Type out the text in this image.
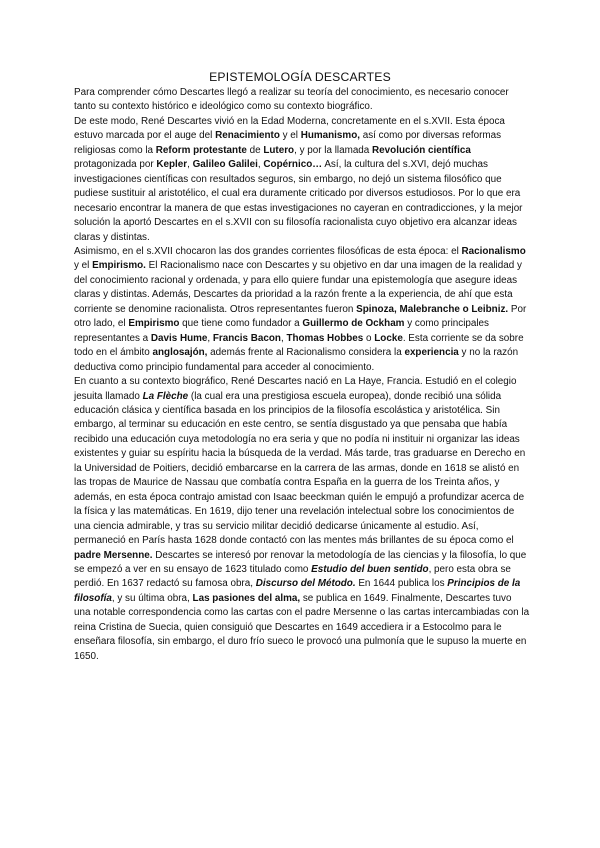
EPISTEMOLOGÍA DESCARTES

Para comprender cómo Descartes llegó a realizar su teoría del conocimiento, es necesario conocer tanto su contexto histórico e ideológico como su contexto biográfico.

De este modo, René Descartes vivió en la Edad Moderna, concretamente en el s.XVII. Esta época estuvo marcada por el auge del Renacimiento y el Humanismo, así como por diversas reformas religiosas como la Reform protestante de Lutero, y por la llamada Revolución científica protagonizada por Kepler, Galileo Galilei, Copérnico… Así, la cultura del s.XVI, dejó muchas investigaciones científicas con resultados seguros, sin embargo, no dejó un sistema filosófico que pudiese sustituir al aristotélico, el cual era duramente criticado por diversos estudiosos. Por lo que era necesario encontrar la manera de que estas investigaciones no cayeran en contradicciones, y la mejor solución la aportó Descartes en el s.XVII con su filosofía racionalista cuyo objetivo era alcanzar ideas claras y distintas.

Asimismo, en el s.XVII chocaron las dos grandes corrientes filosóficas de esta época: el Racionalismo y el Empirismo. El Racionalismo nace con Descartes y su objetivo en dar una imagen de la realidad y del conocimiento racional y ordenada, y para ello quiere fundar una epistemología que asegure ideas claras y distintas. Además, Descartes da prioridad a la razón frente a la experiencia, de ahí que esta corriente se denomine racionalista. Otros representantes fueron Spinoza, Malebranche o Leibniz. Por otro lado, el Empirismo que tiene como fundador a Guillermo de Ockham y como principales representantes a Davis Hume, Francis Bacon, Thomas Hobbes o Locke. Esta corriente se da sobre todo en el ámbito anglosajón, además frente al Racionalismo considera la experiencia y no la razón deductiva como principio fundamental para acceder al conocimiento.

En cuanto a su contexto biográfico, René Descartes nació en La Haye, Francia. Estudió en el colegio jesuita llamado La Flèche (la cual era una prestigiosa escuela europea), donde recibió una sólida educación clásica y científica basada en los principios de la filosofía escolástica y aristotélica. Sin embargo, al terminar su educación en este centro, se sentía disgustado ya que pensaba que había recibido una educación cuya metodología no era seria y que no podía ni instituir ni organizar las ideas existentes y guiar su espíritu hacia la búsqueda de la verdad. Más tarde, tras graduarse en Derecho en la Universidad de Poitiers, decidió embarcarse en la carrera de las armas, donde en 1618 se alistó en las tropas de Maurice de Nassau que combatía contra España en la guerra de los Treinta años, y además, en esta época contrajo amistad con Isaac beeckman quién le empujó a profundizar acerca de la física y las matemáticas. En 1619, dijo tener una revelación intelectual sobre los conocimientos de una ciencia admirable, y tras su servicio militar decidió dedicarse únicamente al estudio. Así, permaneció en París hasta 1628 donde contactó con las mentes más brillantes de su época como el padre Mersenne. Descartes se interesó por renovar la metodología de las ciencias y la filosofía, lo que se empezó a ver en su ensayo de 1623 titulado como Estudio del buen sentido, pero esta obra se perdió. En 1637 redactó su famosa obra, Discurso del Método. En 1644 publica los Principios de la filosofía, y su última obra, Las pasiones del alma, se publica en 1649. Finalmente, Descartes tuvo una notable correspondencia como las cartas con el padre Mersenne o las cartas intercambiadas con la reina Cristina de Suecia, quien consiguió que Descartes en 1649 accediera ir a Estocolmo para le enseñara filosofía, sin embargo, el duro frío sueco le provocó una pulmonía que le supuso la muerte en 1650.
